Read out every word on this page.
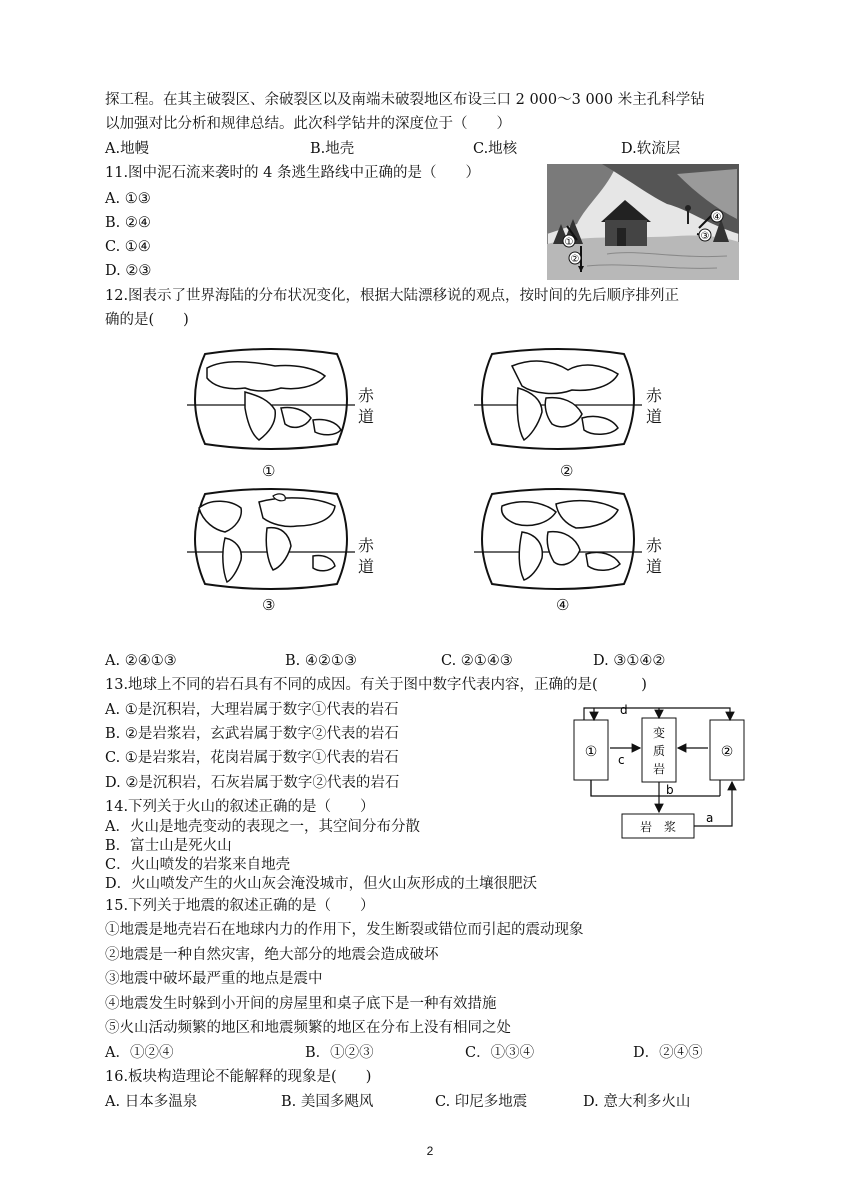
探工程。在其主破裂区、余破裂区以及南端未破裂地区布设三口 2 000～3 000 米主孔科学钻
以加强对比分析和规律总结。此次科学钻井的深度位于（　　）
A.地幔	B.地壳	C.地核	D.软流层
11.图中泥石流来袭时的 4 条逃生路线中正确的是（　　）
A. ①③
B. ②④
C. ①④
D. ②③
①
②
③
④
12.图表示了世界海陆的分布状况变化，根据大陆漂移说的观点，按时间的先后顺序排列正
确的是(　　)
赤
道
①
赤
道
②
赤
道
③
赤
道
④
A. ②④①③	B. ④②①③	C. ②①④③	D. ③①④②
13.地球上不同的岩石具有不同的成因。有关于图中数字代表内容，正确的是(　　　)
A. ①是沉积岩，大理岩属于数字①代表的岩石
B. ②是岩浆岩，玄武岩属于数字②代表的岩石
C. ①是岩浆岩，花岗岩属于数字①代表的岩石
D. ②是沉积岩，石灰岩属于数字②代表的岩石
①	②
变
质
岩
岩　浆
d
c
b
a
14.下列关于火山的叙述正确的是（　　）
A．火山是地壳变动的表现之一，其空间分布分散
B．富士山是死火山
C．火山喷发的岩浆来自地壳
D．火山喷发产生的火山灰会淹没城市，但火山灰形成的土壤很肥沃
15.下列关于地震的叙述正确的是（　　）
①地震是地壳岩石在地球内力的作用下，发生断裂或错位而引起的震动现象
②地震是一种自然灾害，绝大部分的地震会造成破坏
③地震中破坏最严重的地点是震中
④地震发生时躲到小开间的房屋里和桌子底下是一种有效措施
⑤火山活动频繁的地区和地震频繁的地区在分布上没有相同之处
A．①②④	B．①②③	C．①③④	D．②④⑤
16.板块构造理论不能解释的现象是(　　)
A. 日本多温泉	B. 美国多飓风	C. 印尼多地震	D. 意大利多火山
2
